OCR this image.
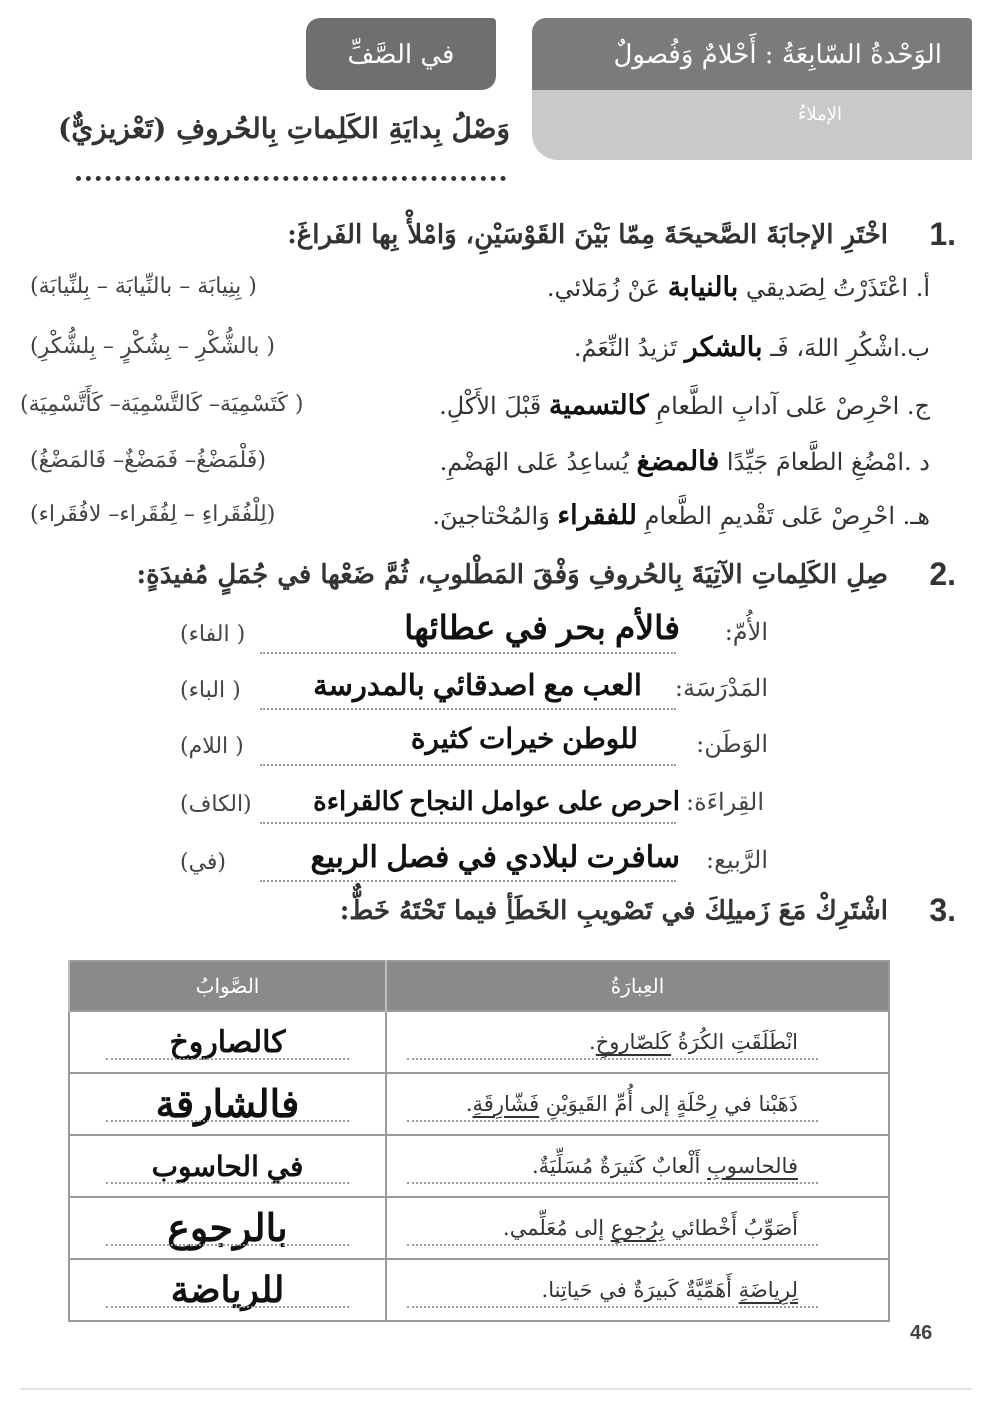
الوَحْدةُ السّابِعَةُ : أَحْلامٌ وَفُصولٌ
الإملاءُ
في الصَّفِّ
وَصْلُ بِدايَةِ الكَلِماتِ بِالحُروفِ (تَعْزيزيٌّ)
1.
اخْتَرِ الإجابَةَ الصَّحيحَةَ مِمّا بَيْنَ القَوْسَيْنِ، وَامْلأْ بِها الفَراغَ:
أ. اعْتَذَرْتُ لِصَديقي بالنيابة عَنْ زُمَلائي.
( بِنِيابَة – بالنِّيابَة – بِلنِّيابَة)
ب.اشْكُرِ اللهَ، فَـ بالشكر تَزيدُ النِّعَمُ.
( بالشُّكْرِ – بِشُكْرٍ – بِلشُّكْرِ)
ج. احْرِصْ عَلى آدابِ الطَّعامِ كالتسمية قَبْلَ الأَكْلِ.
( كَتَسْمِيَة– كَالتَّسْمِيَة– كَأَتَّسْمِيَة)
د .امْضُغِ الطَّعامَ جَيِّدًا فالمضغ يُساعِدُ عَلى الهَضْمِ.
(فَلْمَضْغُ– فَمَضْغٌ– فَالمَضْغُ)
هـ. احْرِصْ عَلى تَقْديمِ الطَّعامِ للفقراء وَالمُحْتاجينَ.
(لِلْفُقَراءِ – لِفُقَراء– لافُقَراء)
2.
صِلِ الكَلِماتِ الآتِيَةَ بِالحُروفِ وَفْقَ المَطْلوبِ، ثُمَّ ضَعْها في جُمَلٍ مُفيدَةٍ:
الأُمّ:
فالأم بحر في عطائها
( الفاء)
المَدْرَسَة:
العب مع اصدقائي بالمدرسة
( الباء)
الوَطَن:
للوطن خيرات كثيرة
( اللام)
القِراءَة:
احرص على عوامل النجاح كالقراءة
(الكاف)
الرَّبيع:
سافرت لبلادي في فصل الربيع
(في)
3.
اشْتَرِكْ مَعَ زَميلِكَ في تَصْويبِ الخَطَأِ فيما تَحْتَهُ خَطٌّ:
العِبارَةُ	الصَّوابُ
انْطَلَقَتِ الكُرَةُ كَلصّاروخِ.	كالصاروخ

ذَهَبْنا في رِحْلَةٍ إلى أُمِّ القَيوَيْنِ فَشّارِقَةِ.	فالشارقة

فالحاسوبِ أَلْعابٌ كَثيرَةٌ مُسَلِّيَةٌ.	في الحاسوب

أَصَوِّبُ أَخْطائي بِرُجوعِ إلى مُعَلِّمي.	بالرجوع

لِرِياضَةِ أَهَمِّيَّةٌ كَبيرَةٌ في حَياتِنا.	للرياضة
46
